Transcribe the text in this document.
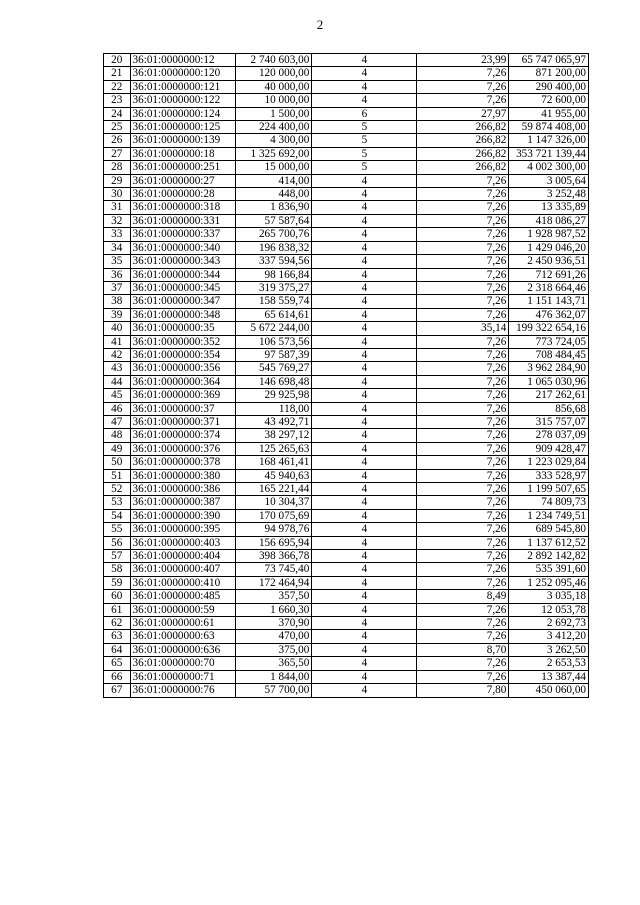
2
20	36:01:0000000:12	2 740 603,00	4	23,99	65 747 065,97
21	36:01:0000000:120	120 000,00	4	7,26	871 200,00
22	36:01:0000000:121	40 000,00	4	7,26	290 400,00
23	36:01:0000000:122	10 000,00	4	7,26	72 600,00
24	36:01:0000000:124	1 500,00	6	27,97	41 955,00
25	36:01:0000000:125	224 400,00	5	266,82	59 874 408,00
26	36:01:0000000:139	4 300,00	5	266,82	1 147 326,00
27	36:01:0000000:18	1 325 692,00	5	266,82	353 721 139,44
28	36:01:0000000:251	15 000,00	5	266,82	4 002 300,00
29	36:01:0000000:27	414,00	4	7,26	3 005,64
30	36:01:0000000:28	448,00	4	7,26	3 252,48
31	36:01:0000000:318	1 836,90	4	7,26	13 335,89
32	36:01:0000000:331	57 587,64	4	7,26	418 086,27
33	36:01:0000000:337	265 700,76	4	7,26	1 928 987,52
34	36:01:0000000:340	196 838,32	4	7,26	1 429 046,20
35	36:01:0000000:343	337 594,56	4	7,26	2 450 936,51
36	36:01:0000000:344	98 166,84	4	7,26	712 691,26
37	36:01:0000000:345	319 375,27	4	7,26	2 318 664,46
38	36:01:0000000:347	158 559,74	4	7,26	1 151 143,71
39	36:01:0000000:348	65 614,61	4	7,26	476 362,07
40	36:01:0000000:35	5 672 244,00	4	35,14	199 322 654,16
41	36:01:0000000:352	106 573,56	4	7,26	773 724,05
42	36:01:0000000:354	97 587,39	4	7,26	708 484,45
43	36:01:0000000:356	545 769,27	4	7,26	3 962 284,90
44	36:01:0000000:364	146 698,48	4	7,26	1 065 030,96
45	36:01:0000000:369	29 925,98	4	7,26	217 262,61
46	36:01:0000000:37	118,00	4	7,26	856,68
47	36:01:0000000:371	43 492,71	4	7,26	315 757,07
48	36:01:0000000:374	38 297,12	4	7,26	278 037,09
49	36:01:0000000:376	125 265,63	4	7,26	909 428,47
50	36:01:0000000:378	168 461,41	4	7,26	1 223 029,84
51	36:01:0000000:380	45 940,63	4	7,26	333 528,97
52	36:01:0000000:386	165 221,44	4	7,26	1 199 507,65
53	36:01:0000000:387	10 304,37	4	7,26	74 809,73
54	36:01:0000000:390	170 075,69	4	7,26	1 234 749,51
55	36:01:0000000:395	94 978,76	4	7,26	689 545,80
56	36:01:0000000:403	156 695,94	4	7,26	1 137 612,52
57	36:01:0000000:404	398 366,78	4	7,26	2 892 142,82
58	36:01:0000000:407	73 745,40	4	7,26	535 391,60
59	36:01:0000000:410	172 464,94	4	7,26	1 252 095,46
60	36:01:0000000:485	357,50	4	8,49	3 035,18
61	36:01:0000000:59	1 660,30	4	7,26	12 053,78
62	36:01:0000000:61	370,90	4	7,26	2 692,73
63	36:01:0000000:63	470,00	4	7,26	3 412,20
64	36:01:0000000:636	375,00	4	8,70	3 262,50
65	36:01:0000000:70	365,50	4	7,26	2 653,53
66	36:01:0000000:71	1 844,00	4	7,26	13 387,44
67	36:01:0000000:76	57 700,00	4	7,80	450 060,00
